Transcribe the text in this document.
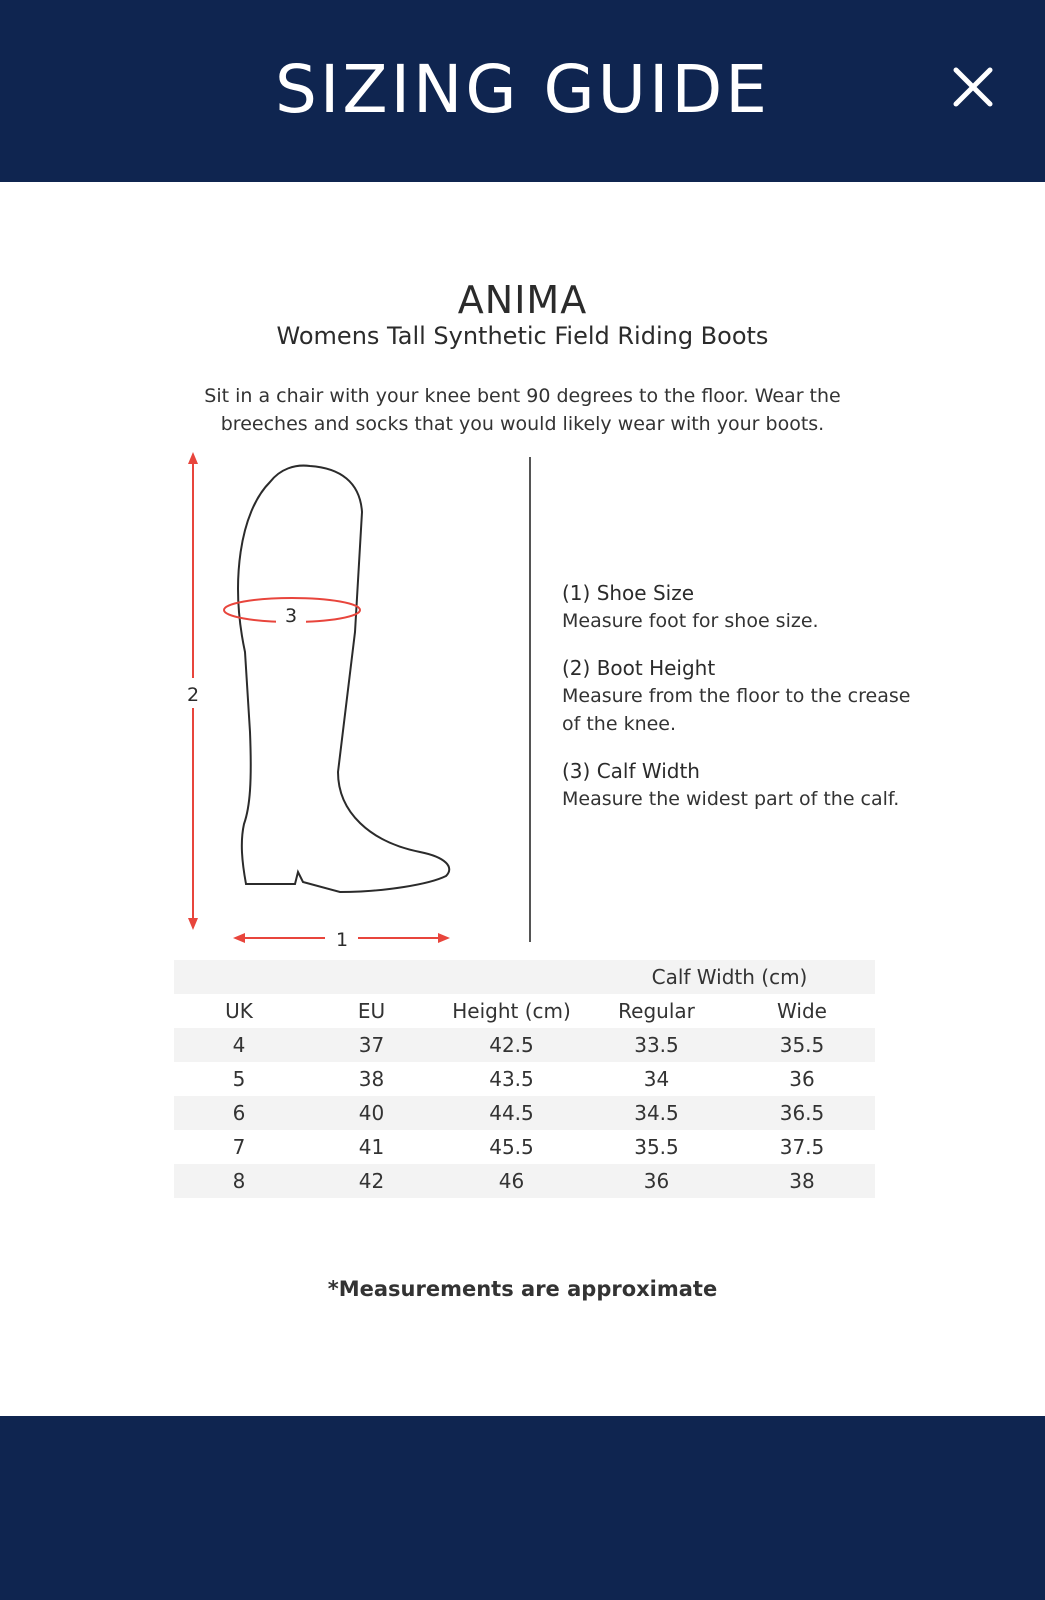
SIZING GUIDE
ANIMA
Womens Tall Synthetic Field Riding Boots
Sit in a chair with your knee bent 90 degrees to the floor. Wear the breeches and socks that you would likely wear with your boots.
2
3
1
(1) Shoe Size
Measure foot for shoe size.
(2) Boot Height
Measure from the floor to the crease of the knee.
(3) Calf Width
Measure the widest part of the calf.
			Calf Width (cm)	
UK	EU	Height (cm)	Regular	Wide
4	37	42.5	33.5	35.5
5	38	43.5	34	36
6	40	44.5	34.5	36.5
7	41	45.5	35.5	37.5
8	42	46	36	38
*Measurements are approximate
